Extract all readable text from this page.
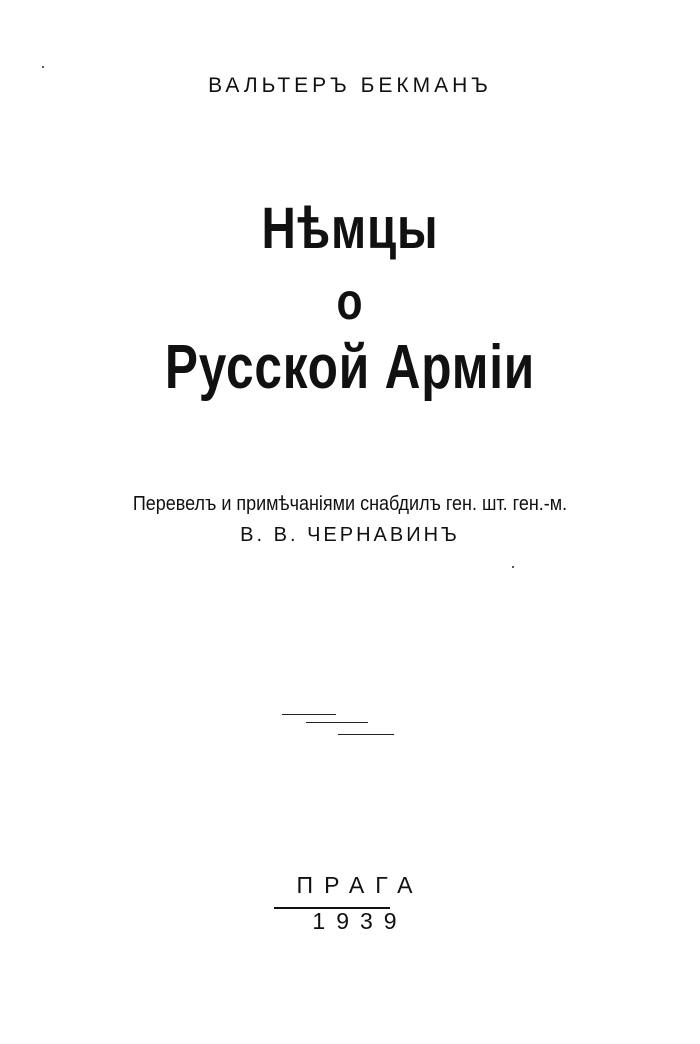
ВАЛЬТЕРЪ БЕКМАНЪ
Нѣмцы
о
Русской Арміи
Перевелъ и примѣчаніями снабдилъ ген. шт. ген.-м.
В. В. ЧЕРНАВИНЪ
ПРАГА
1939
